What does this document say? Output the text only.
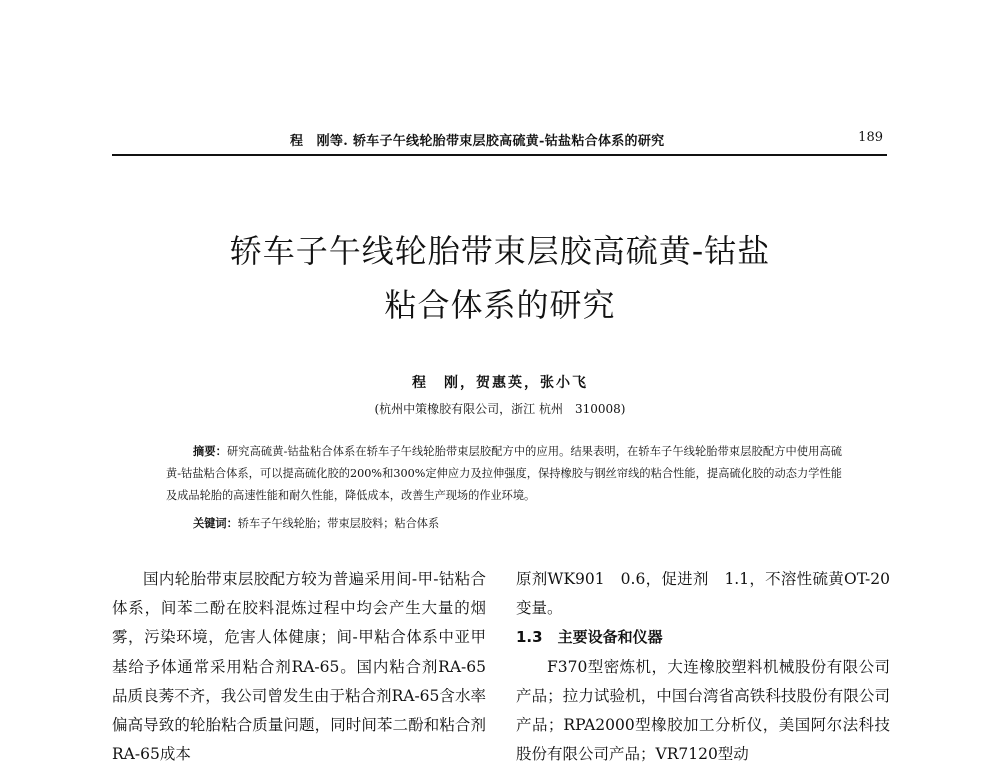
程　刚等. 轿车子午线轮胎带束层胶高硫黄-钴盐粘合体系的研究	189
轿车子午线轮胎带束层胶高硫黄-钴盐
粘合体系的研究
程　刚，贺惠英，张小飞
(杭州中策橡胶有限公司，浙江 杭州　310008)
摘要：研究高硫黄-钴盐粘合体系在轿车子午线轮胎带束层胶配方中的应用。结果表明，在轿车子午线轮胎带束层胶配方中使用高硫黄-钴盐粘合体系，可以提高硫化胶的200%和300%定伸应力及拉伸强度，保持橡胶与钢丝帘线的粘合性能，提高硫化胶的动态力学性能及成品轮胎的高速性能和耐久性能，降低成本，改善生产现场的作业环境。
关键词：轿车子午线轮胎；带束层胶料；粘合体系

国内轮胎带束层胶配方较为普遍采用间-甲-钴粘合体系，间苯二酚在胶料混炼过程中均会产生大量的烟雾，污染环境，危害人体健康；间-甲粘合体系中亚甲基给予体通常采用粘合剂RA-65。国内粘合剂RA-65品质良莠不齐，我公司曾发生由于粘合剂RA-65含水率偏高导致的轮胎粘合质量问题，同时间苯二酚和粘合剂RA-65成本

原剂WK901　0.6，促进剂　1.1，不溶性硫黄OT-20　变量。

1.3　主要设备和仪器

F370型密炼机，大连橡胶塑料机械股份有限公司产品；拉力试验机，中国台湾省高铁科技股份有限公司产品；RPA2000型橡胶加工分析仪，美国阿尔法科技股份有限公司产品；VR7120型动
